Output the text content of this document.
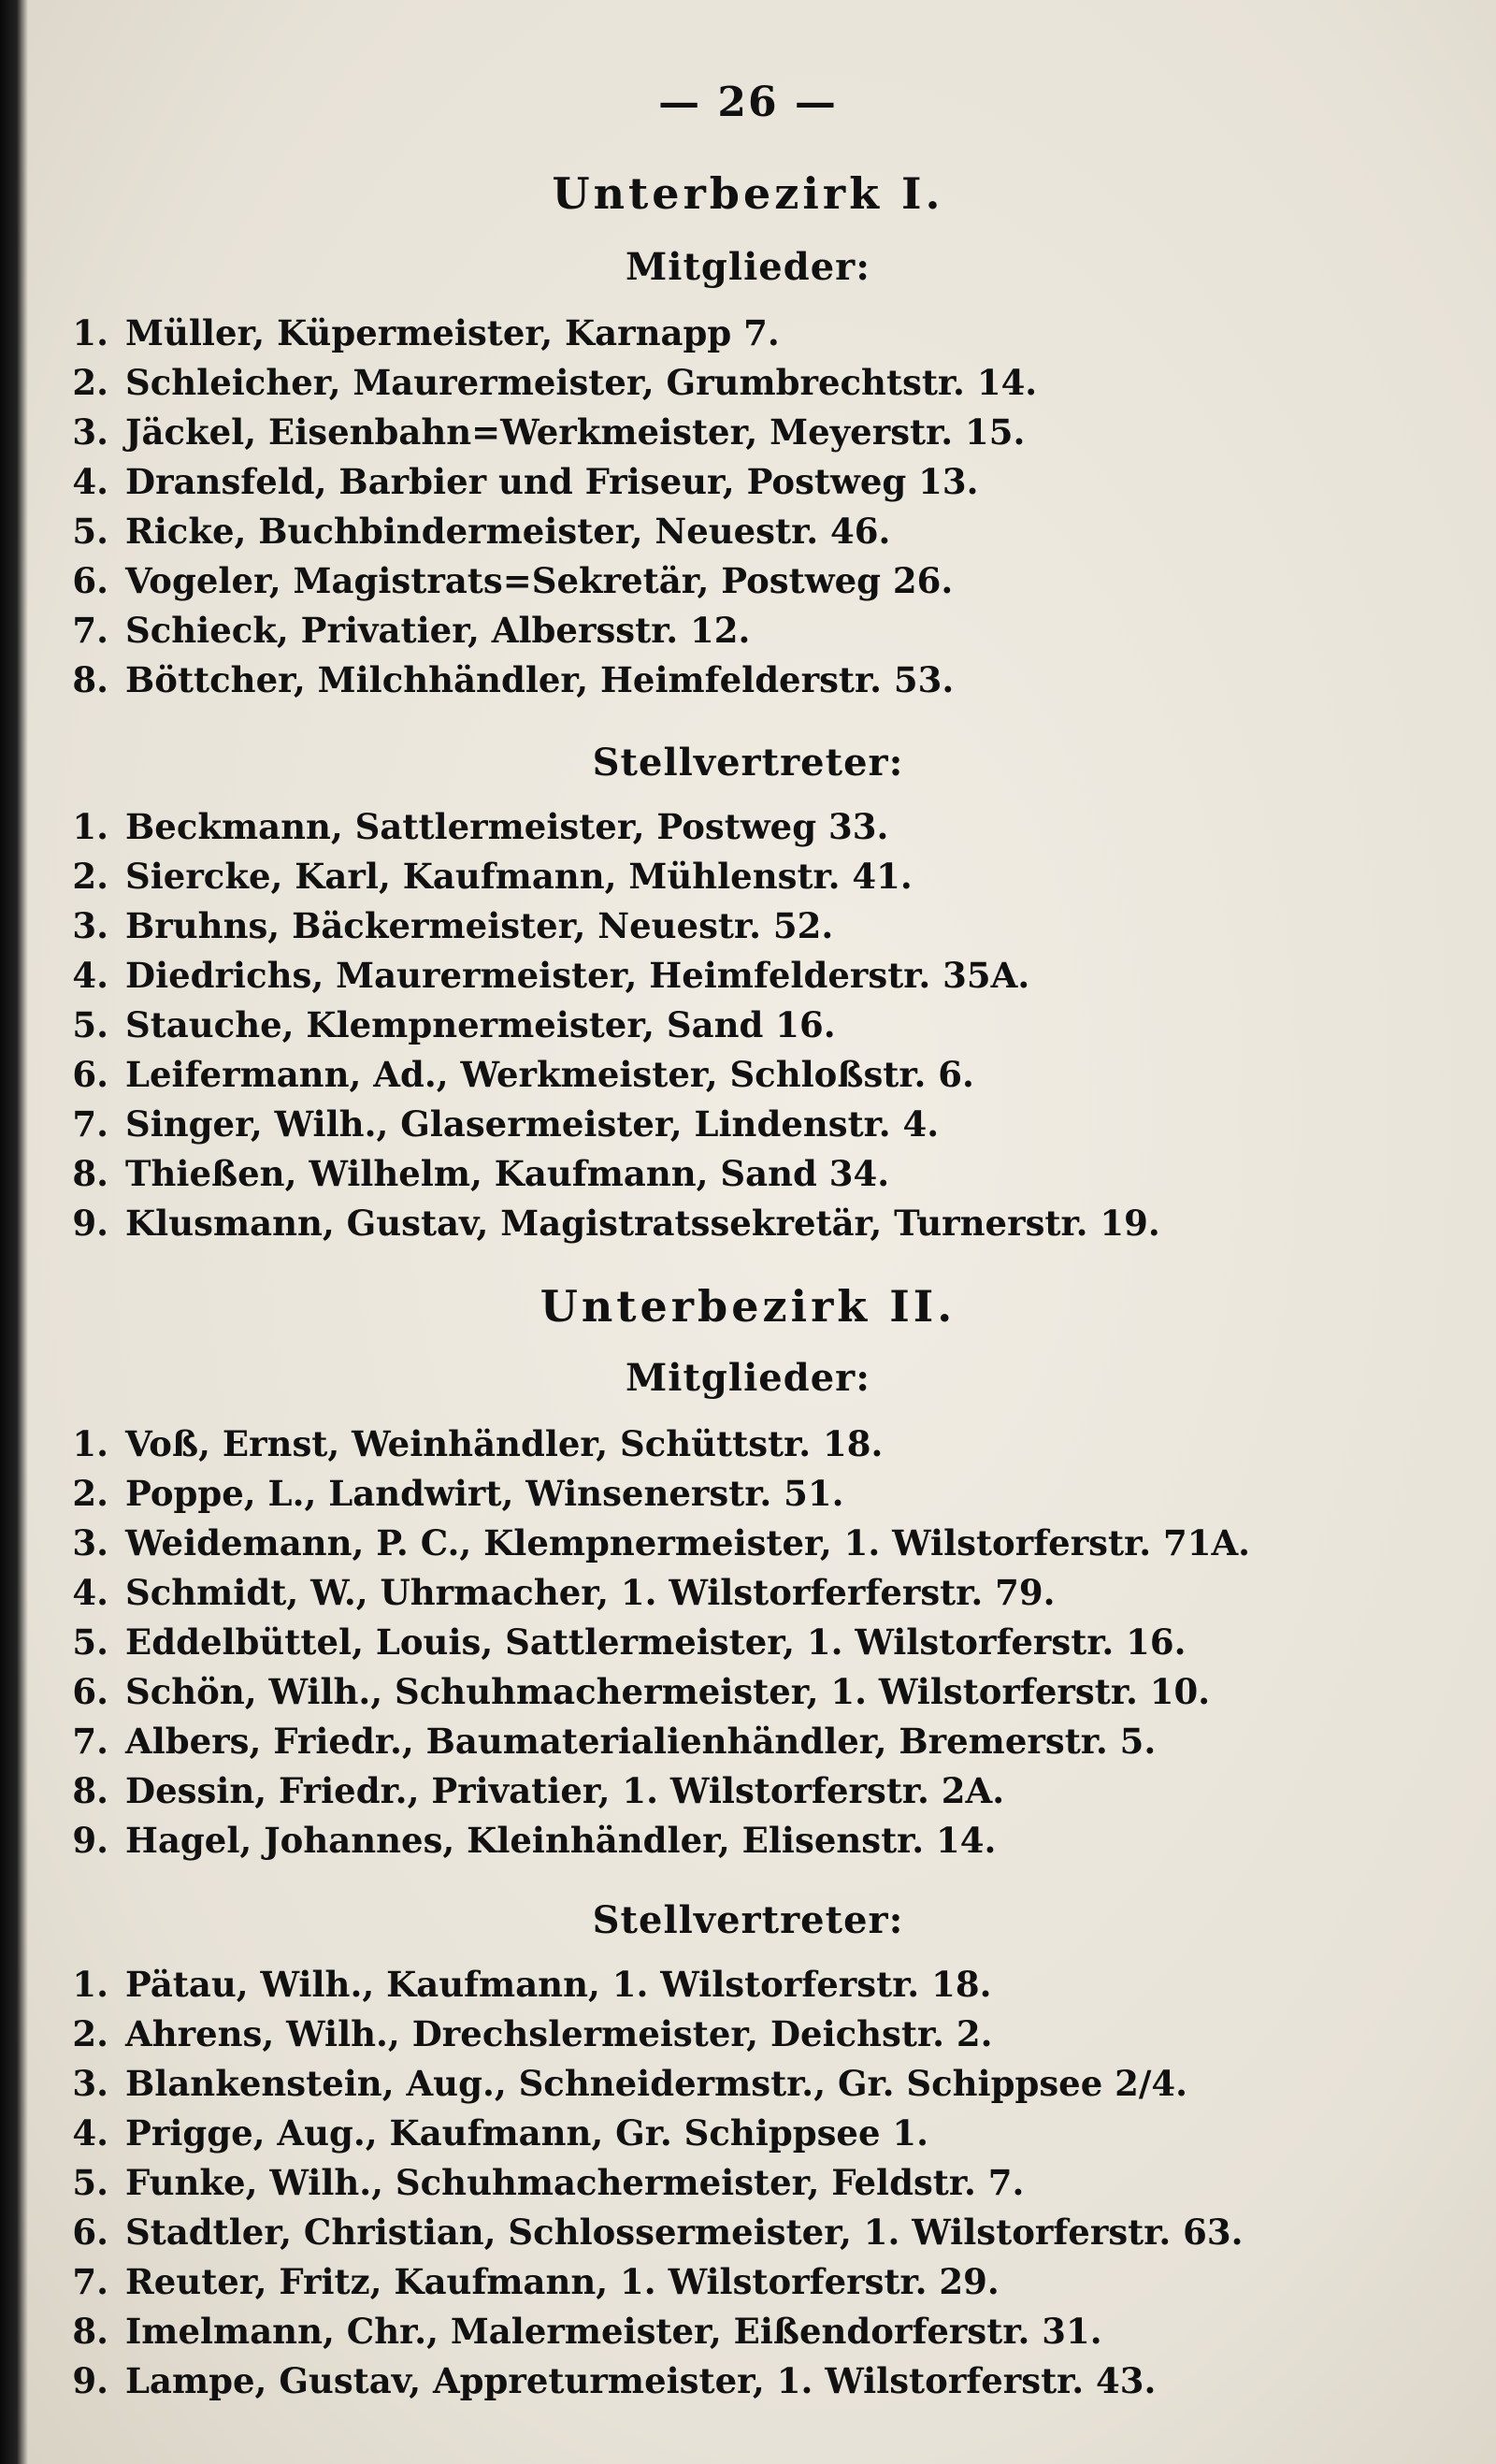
— 26 —
Unterbezirk I.
Mitglieder:
1. Müller, Küpermeister, Karnapp 7.
2. Schleicher, Maurermeister, Grumbrechtstr. 14.
3. Jäckel, Eisenbahn=Werkmeister, Meyerstr. 15.
4. Dransfeld, Barbier und Friseur, Postweg 13.
5. Ricke, Buchbindermeister, Neuestr. 46.
6. Vogeler, Magistrats=Sekretär, Postweg 26.
7. Schieck, Privatier, Albersstr. 12.
8. Böttcher, Milchhändler, Heimfelderstr. 53.
Stellvertreter:
1. Beckmann, Sattlermeister, Postweg 33.
2. Siercke, Karl, Kaufmann, Mühlenstr. 41.
3. Bruhns, Bäckermeister, Neuestr. 52.
4. Diedrichs, Maurermeister, Heimfelderstr. 35A.
5. Stauche, Klempnermeister, Sand 16.
6. Leifermann, Ad., Werkmeister, Schloßstr. 6.
7. Singer, Wilh., Glasermeister, Lindenstr. 4.
8. Thießen, Wilhelm, Kaufmann, Sand 34.
9. Klusmann, Gustav, Magistratssekretär, Turnerstr. 19.
Unterbezirk II.
Mitglieder:
1. Voß, Ernst, Weinhändler, Schüttstr. 18.
2. Poppe, L., Landwirt, Winsenerstr. 51.
3. Weidemann, P. C., Klempnermeister, 1. Wilstorferstr. 71A.
4. Schmidt, W., Uhrmacher, 1. Wilstorferferstr. 79.
5. Eddelbüttel, Louis, Sattlermeister, 1. Wilstorferstr. 16.
6. Schön, Wilh., Schuhmachermeister, 1. Wilstorferstr. 10.
7. Albers, Friedr., Baumaterialienhändler, Bremerstr. 5.
8. Dessin, Friedr., Privatier, 1. Wilstorferstr. 2A.
9. Hagel, Johannes, Kleinhändler, Elisenstr. 14.
Stellvertreter:
1. Pätau, Wilh., Kaufmann, 1. Wilstorferstr. 18.
2. Ahrens, Wilh., Drechslermeister, Deichstr. 2.
3. Blankenstein, Aug., Schneidermstr., Gr. Schippsee 2/4.
4. Prigge, Aug., Kaufmann, Gr. Schippsee 1.
5. Funke, Wilh., Schuhmachermeister, Feldstr. 7.
6. Stadtler, Christian, Schlossermeister, 1. Wilstorferstr. 63.
7. Reuter, Fritz, Kaufmann, 1. Wilstorferstr. 29.
8. Imelmann, Chr., Malermeister, Eißendorferstr. 31.
9. Lampe, Gustav, Appreturmeister, 1. Wilstorferstr. 43.
